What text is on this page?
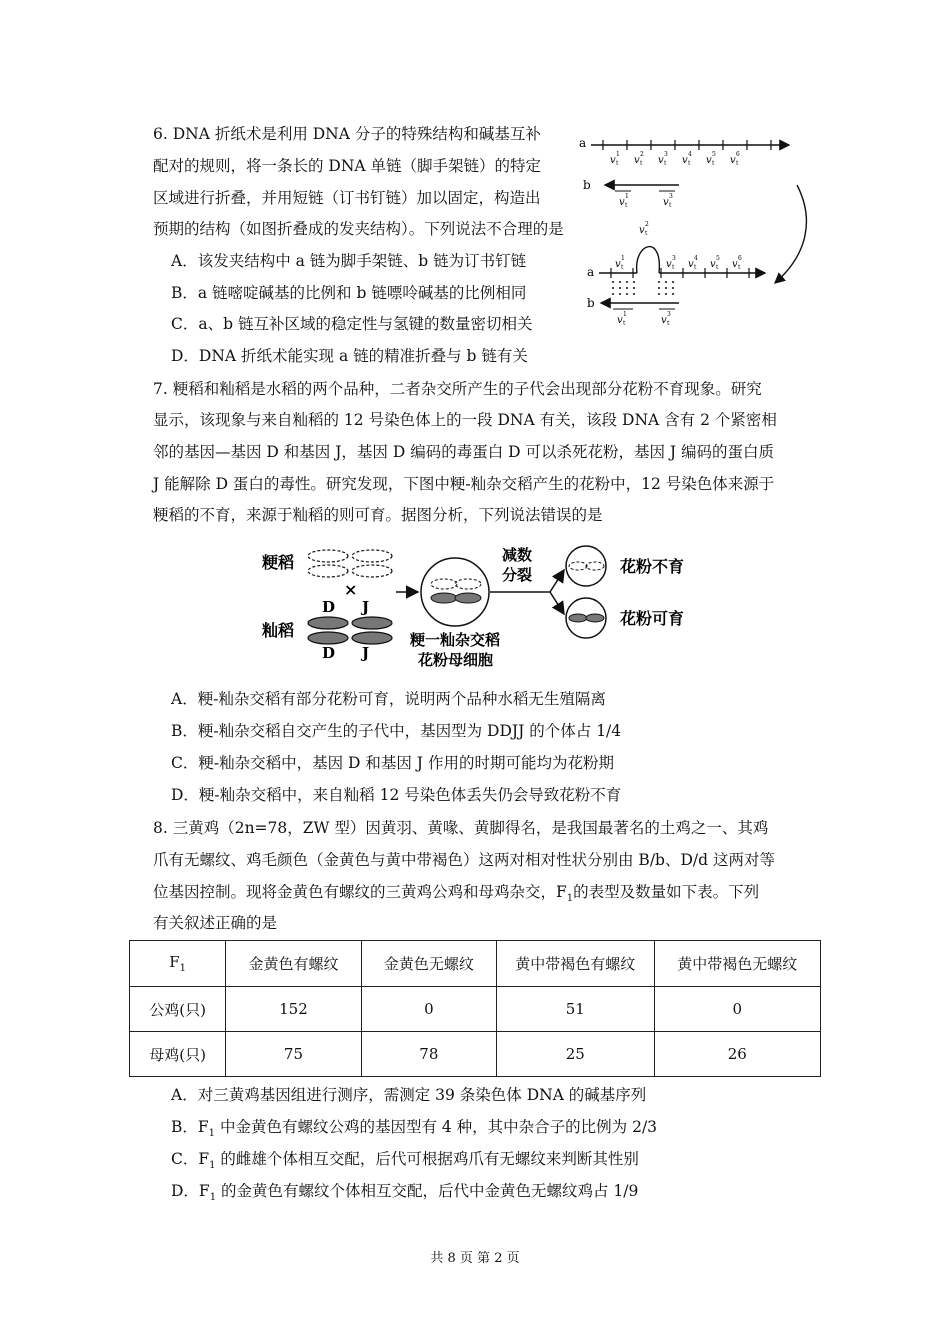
6. DNA 折纸术是利用 DNA 分子的特殊结构和碱基互补
配对的规则，将一条长的 DNA 单链（脚手架链）的特定
区域进行折叠，并用短链（订书钉链）加以固定，构造出
预期的结构（如图折叠成的发夹结构）。下列说法不合理的是
A．该发夹结构中 a 链为脚手架链、b 链为订书钉链
B．a 链嘧啶碱基的比例和 b 链嘌呤碱基的比例相同
C．a、b 链互补区域的稳定性与氢键的数量密切相关
D．DNA 折纸术能实现 a 链的精准折叠与 b 链有关
a
v v v v v v
t
1
t
2
t
3
t
4
t
5
t
6
b
v t
1
v t
3
a
v t
2
v t
1
v t
3
v t
4
v t
5
v t
6
b
v t
1
v t
3
7. 粳稻和籼稻是水稻的两个品种，二者杂交所产生的子代会出现部分花粉不育现象。研究
显示，该现象与来自籼稻的 12 号染色体上的一段 DNA 有关，该段 DNA 含有 2 个紧密相
邻的基因—基因 D 和基因 J，基因 D 编码的毒蛋白 D 可以杀死花粉，基因 J 编码的蛋白质
J 能解除 D 蛋白的毒性。研究发现，下图中粳-籼杂交稻产生的花粉中，12 号染色体来源于
粳稻的不育，来源于籼稻的则可育。据图分析，下列说法错误的是
粳稻
×
D J
籼稻
D J
粳一籼杂交稻
花粉母细胞
减数
分裂	花粉不育
花粉可育
A．粳-籼杂交稻有部分花粉可育，说明两个品种水稻无生殖隔离
B．粳-籼杂交稻自交产生的子代中，基因型为 DDJJ 的个体占 1/4
C．粳-籼杂交稻中，基因 D 和基因 J 作用的时期可能均为花粉期
D．粳-籼杂交稻中，来自籼稻 12 号染色体丢失仍会导致花粉不育
8. 三黄鸡（2n=78，ZW 型）因黄羽、黄喙、黄脚得名，是我国最著名的土鸡之一、其鸡
爪有无螺纹、鸡毛颜色（金黄色与黄中带褐色）这两对相对性状分别由 B/b、D/d 这两对等
位基因控制。现将金黄色有螺纹的三黄鸡公鸡和母鸡杂交，$F_1$的表型及数量如下表。下列
有关叙述正确的是
$F_1$	金黄色有螺纹	金黄色无螺纹	黄中带褐色有螺纹	黄中带褐色无螺纹
公鸡(只)	152	0	51	0
母鸡(只)	75	78	25	26
A．对三黄鸡基因组进行测序，需测定 39 条染色体 DNA 的碱基序列
B．$F_1$ 中金黄色有螺纹公鸡的基因型有 4 种，其中杂合子的比例为 2/3
C．$F_1$ 的雌雄个体相互交配，后代可根据鸡爪有无螺纹来判断其性别
D．$F_1$ 的金黄色有螺纹个体相互交配，后代中金黄色无螺纹鸡占 1/9
共 8 页 第 2 页
